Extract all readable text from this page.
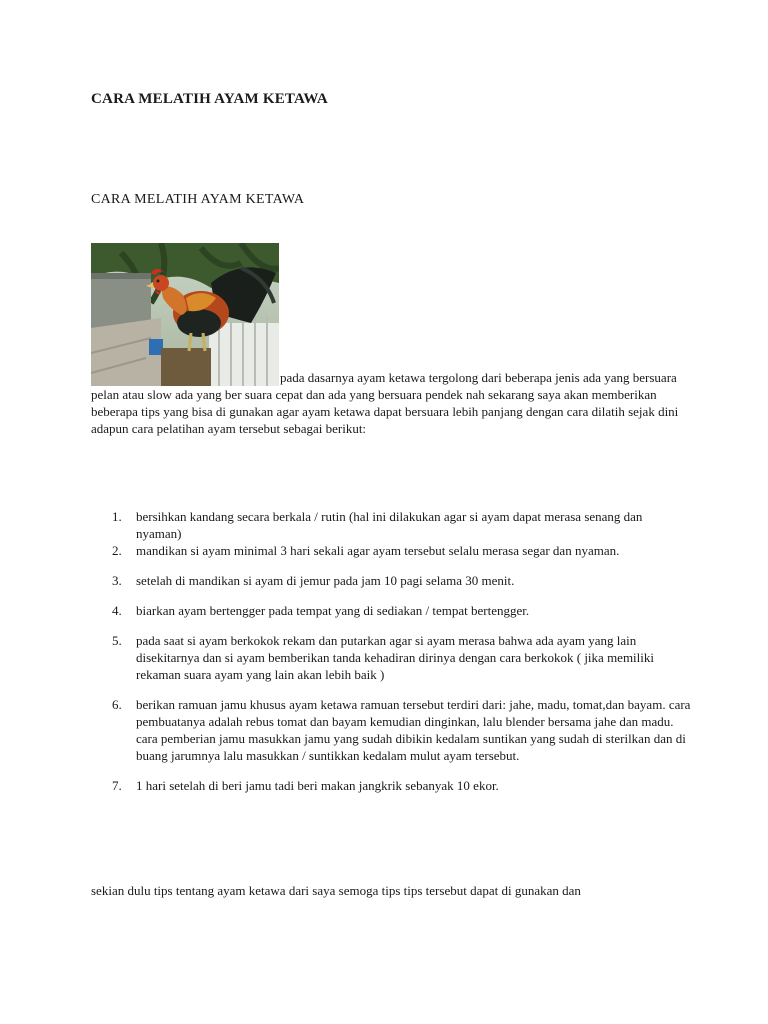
CARA MELATIH AYAM KETAWA
CARA MELATIH AYAM KETAWA

pada dasarnya ayam ketawa tergolong dari beberapa jenis ada yang bersuara pelan atau slow ada yang ber suara cepat dan ada yang bersuara pendek nah sekarang saya akan memberikan beberapa tips yang bisa di gunakan agar ayam ketawa dapat bersuara lebih panjang dengan cara dilatih sejak dini adapun cara pelatihan ayam tersebut sebagai berikut:

1. bersihkan kandang secara berkala / rutin (hal ini dilakukan agar si ayam dapat merasa senang dan nyaman)
2. mandikan si ayam minimal 3 hari sekali agar ayam tersebut selalu merasa segar dan nyaman.
3. setelah di mandikan si ayam di jemur pada jam 10 pagi selama 30 menit.
4. biarkan ayam bertengger pada tempat yang di sediakan / tempat bertengger.
5. pada saat si ayam berkokok rekam dan putarkan agar si ayam merasa bahwa ada ayam yang lain disekitarnya dan si ayam bemberikan tanda kehadiran dirinya dengan cara berkokok ( jika memiliki rekaman suara ayam yang lain akan lebih baik )
6. berikan ramuan jamu khusus ayam ketawa ramuan tersebut terdiri dari: jahe, madu, tomat,dan bayam. cara pembuatanya adalah rebus tomat dan bayam kemudian dinginkan, lalu blender bersama jahe dan madu. cara pemberian jamu masukkan jamu yang sudah dibikin kedalam suntikan yang sudah di sterilkan dan di buang jarumnya lalu masukkan / suntikkan kedalam mulut ayam tersebut.
7. 1 hari setelah di beri jamu tadi beri makan jangkrik sebanyak 10 ekor.

sekian dulu tips tentang ayam ketawa dari saya semoga tips tips tersebut dapat di gunakan dan
